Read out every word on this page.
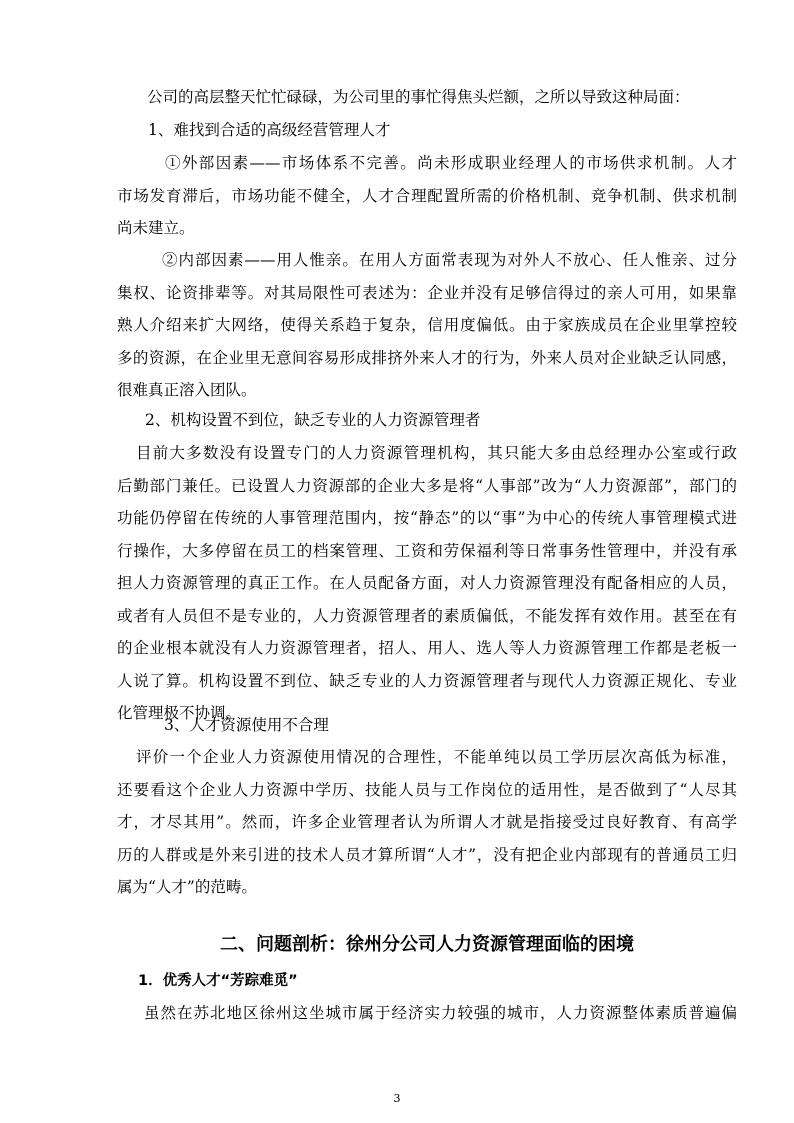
公司的高层整天忙忙碌碌，为公司里的事忙得焦头烂额，之所以导致这种局面：

1、难找到合适的高级经营管理人才

①外部因素——市场体系不完善。尚未形成职业经理人的市场供求机制。人才
市场发育滞后，市场功能不健全，人才合理配置所需的价格机制、竞争机制、供求机制
尚未建立。

②内部因素——用人惟亲。在用人方面常表现为对外人不放心、任人惟亲、过分
集权、论资排辈等。对其局限性可表述为：企业并没有足够信得过的亲人可用，如果靠
熟人介绍来扩大网络，使得关系趋于复杂，信用度偏低。由于家族成员在企业里掌控较
多的资源，在企业里无意间容易形成排挤外来人才的行为，外来人员对企业缺乏认同感，
很难真正溶入团队。

2、机构设置不到位，缺乏专业的人力资源管理者

目前大多数没有设置专门的人力资源管理机构，其只能大多由总经理办公室或行政
后勤部门兼任。已设置人力资源部的企业大多是将“人事部”改为“人力资源部”，部门的
功能仍停留在传统的人事管理范围内，按“静态”的以“事”为中心的传统人事管理模式进
行操作，大多停留在员工的档案管理、工资和劳保福利等日常事务性管理中，并没有承
担人力资源管理的真正工作。在人员配备方面，对人力资源管理没有配备相应的人员，
或者有人员但不是专业的，人力资源管理者的素质偏低，不能发挥有效作用。甚至在有
的企业根本就没有人力资源管理者，招人、用人、选人等人力资源管理工作都是老板一
人说了算。机构设置不到位、缺乏专业的人力资源管理者与现代人力资源正规化、专业
化管理极不协调。

3、人才资源使用不合理

评价一个企业人力资源使用情况的合理性，不能单纯以员工学历层次高低为标准，
还要看这个企业人力资源中学历、技能人员与工作岗位的适用性，是否做到了“人尽其
才，才尽其用”。然而，许多企业管理者认为所谓人才就是指接受过良好教育、有高学
历的人群或是外来引进的技术人员才算所谓“人才”，没有把企业内部现有的普通员工归
属为“人才”的范畴。

二、问题剖析：徐州分公司人力资源管理面临的困境
1．优秀人才“芳踪难觅”

虽然在苏北地区徐州这坐城市属于经济实力较强的城市，人力资源整体素质普遍偏

3
